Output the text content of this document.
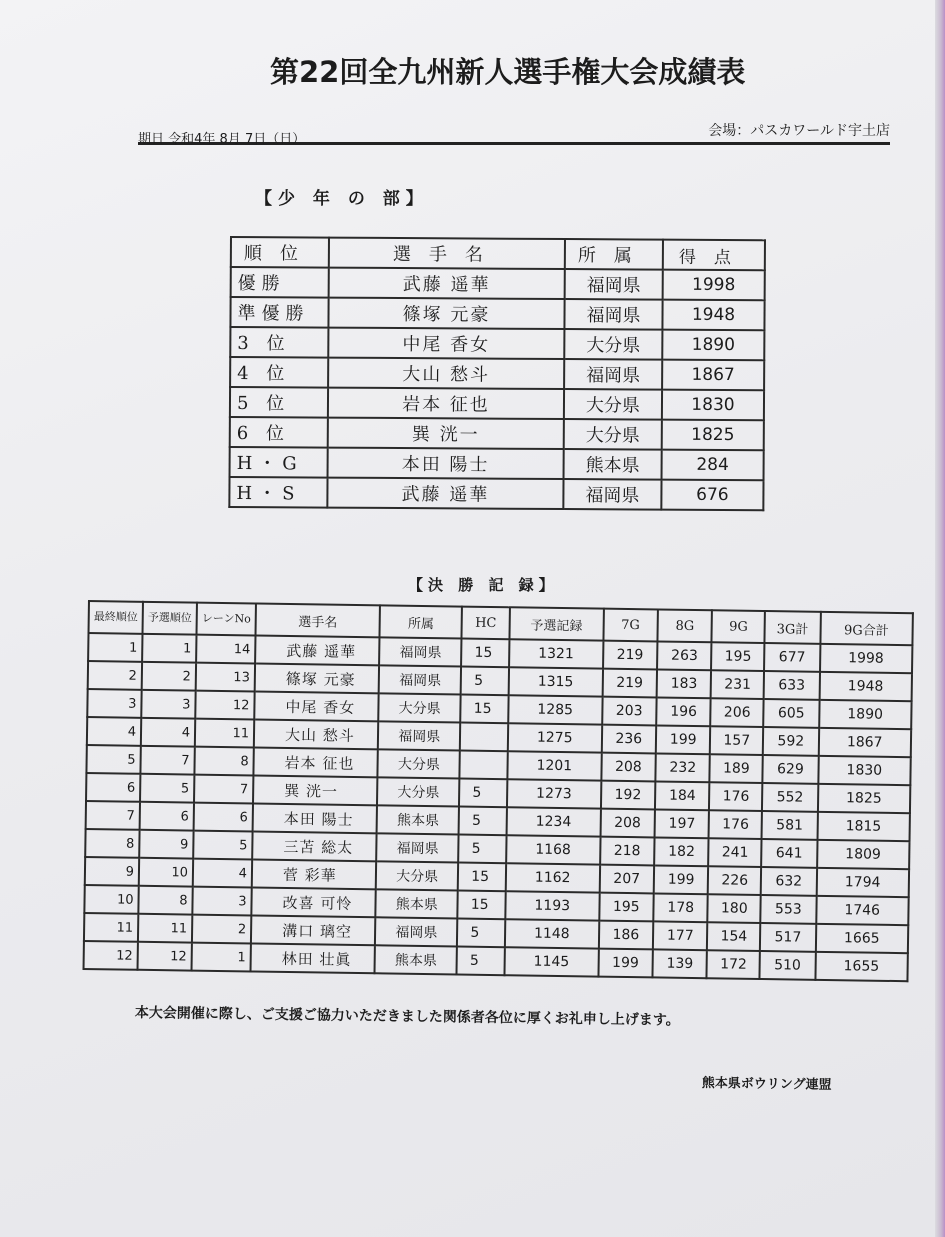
第22回全九州新人選手権大会成績表
期日 令和4年 8月 7日（日）
会場：パスカワールド宇土店
【少 年 の 部】
順位	選手名	所属	得点
優勝	武藤 遥華	福岡県	1998
準優勝	篠塚 元豪	福岡県	1948
3 位	中尾 香女	大分県	1890
4 位	大山 愁斗	福岡県	1867
5 位	岩本 征也	大分県	1830
6 位	巽 洸一	大分県	1825
H・G	本田 陽士	熊本県	284
H・S	武藤 遥華	福岡県	676
【決 勝 記 録】
最終順位	予選順位	レーンNo	選手名	所属	HC	予選記録	7G	8G	9G	3G計	9G合計
1	1	14	武藤 遥華	福岡県	15	1321	219	263	195	677	1998
2	2	13	篠塚 元豪	福岡県	5	1315	219	183	231	633	1948
3	3	12	中尾 香女	大分県	15	1285	203	196	206	605	1890
4	4	11	大山 愁斗	福岡県		1275	236	199	157	592	1867
5	7	8	岩本 征也	大分県		1201	208	232	189	629	1830
6	5	7	巽 洸一	大分県	5	1273	192	184	176	552	1825
7	6	6	本田 陽士	熊本県	5	1234	208	197	176	581	1815
8	9	5	三苫 総太	福岡県	5	1168	218	182	241	641	1809
9	10	4	菅 彩華	大分県	15	1162	207	199	226	632	1794
10	8	3	改喜 可怜	熊本県	15	1193	195	178	180	553	1746
11	11	2	溝口 璃空	福岡県	5	1148	186	177	154	517	1665
12	12	1	林田 壮眞	熊本県	5	1145	199	139	172	510	1655
本大会開催に際し、ご支援ご協力いただきました関係者各位に厚くお礼申し上げます。
熊本県ボウリング連盟
